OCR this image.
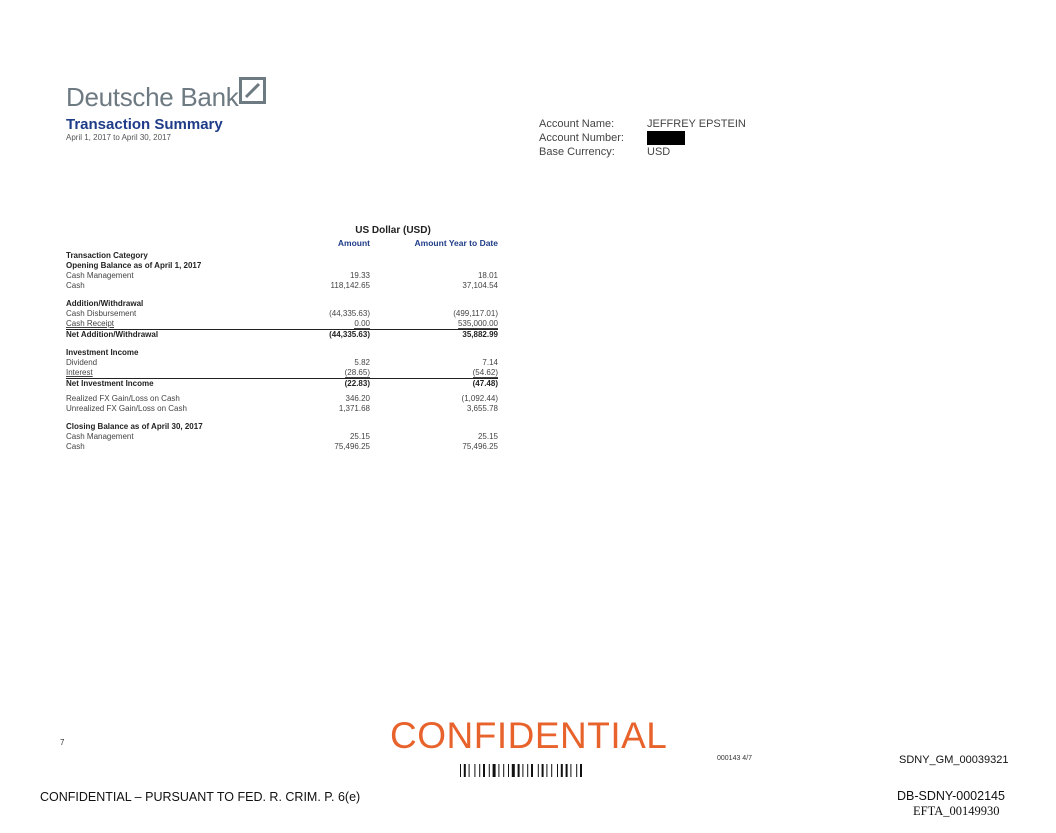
Deutsche Bank
Transaction Summary
April 1, 2017 to April 30, 2017
Account Name:	JEFFREY EPSTEIN
Account Number:
Base Currency:	USD
US Dollar (USD)
Amount	Amount Year to Date
Transaction Category
Opening Balance as of April 1, 2017
Cash Management	19.33	18.01
Cash	118,142.65	37,104.54
Addition/Withdrawal
Cash Disbursement	(44,335.63)	(499,117.01)
Cash Receipt	0.00	535,000.00
Net Addition/Withdrawal	(44,335.63)	35,882.99
Investment Income
Dividend	5.82	7.14
Interest	(28.65)	(54.62)
Net Investment Income	(22.83)	(47.48)
Realized FX Gain/Loss on Cash	346.20	(1,092.44)
Unrealized FX Gain/Loss on Cash	1,371.68	3,655.78
Closing Balance as of April 30, 2017
Cash Management	25.15	25.15
Cash	75,496.25	75,496.25
7	CONFIDENTIAL
000143 4/7	SDNY_GM_00039321
CONFIDENTIAL – PURSUANT TO FED. R. CRIM. P. 6(e)	DB-SDNY-0002145
EFTA_00149930
